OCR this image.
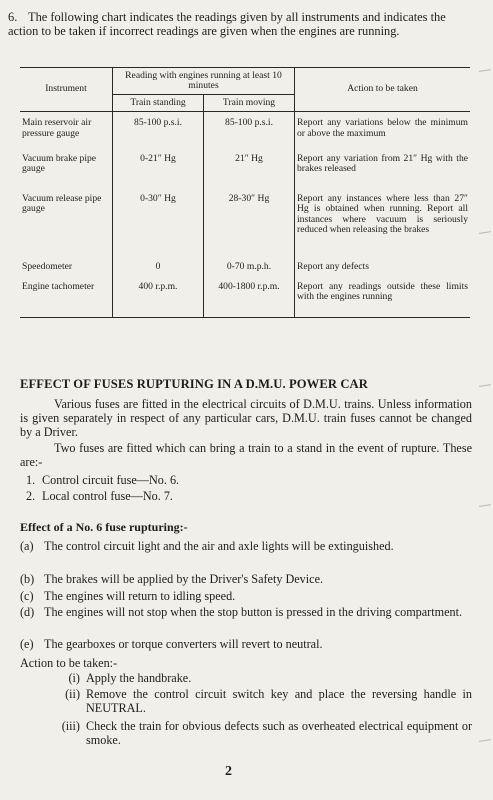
6. The following chart indicates the readings given by all instruments and indicates the action to be taken if incorrect readings are given when the engines are running.
Instrument	Reading with engines running at least 10 minutes		Action to be taken
	Train standing	Train moving	
Main reservoir air pressure gauge	85-100 p.s.i.	85-100 p.s.i.	Report any variations below the minimum or above the maximum
Vacuum brake pipe gauge	0-21″ Hg	21″ Hg	Report any variation from 21″ Hg with the brakes released
Vacuum release pipe gauge	0-30″ Hg	28-30″ Hg	Report any instances where less than 27″ Hg is obtained when running. Report all instances where vacuum is seriously reduced when releasing the brakes
Speedometer	0	0-70 m.p.h.	Report any defects
Engine tachometer	400 r.p.m.	400-1800 r.p.m.	Report any readings outside these limits with the engines running
EFFECT OF FUSES RUPTURING IN A D.M.U. POWER CAR
Various fuses are fitted in the electrical circuits of D.M.U. trains. Unless information is given separately in respect of any particular cars, D.M.U. train fuses cannot be changed by a Driver.
Two fuses are fitted which can bring a train to a stand in the event of rupture. These are:-
1. Control circuit fuse—No. 6.
2. Local control fuse—No. 7.
Effect of a No. 6 fuse rupturing:-
(a) The control circuit light and the air and axle lights will be extinguished.
(b) The brakes will be applied by the Driver's Safety Device.
(c) The engines will return to idling speed.
(d) The engines will not stop when the stop button is pressed in the driving compartment.
(e) The gearboxes or torque converters will revert to neutral.
Action to be taken:-
(i) Apply the handbrake.
(ii) Remove the control circuit switch key and place the reversing handle in NEUTRAL.
(iii) Check the train for obvious defects such as overheated electrical equipment or smoke.
2
